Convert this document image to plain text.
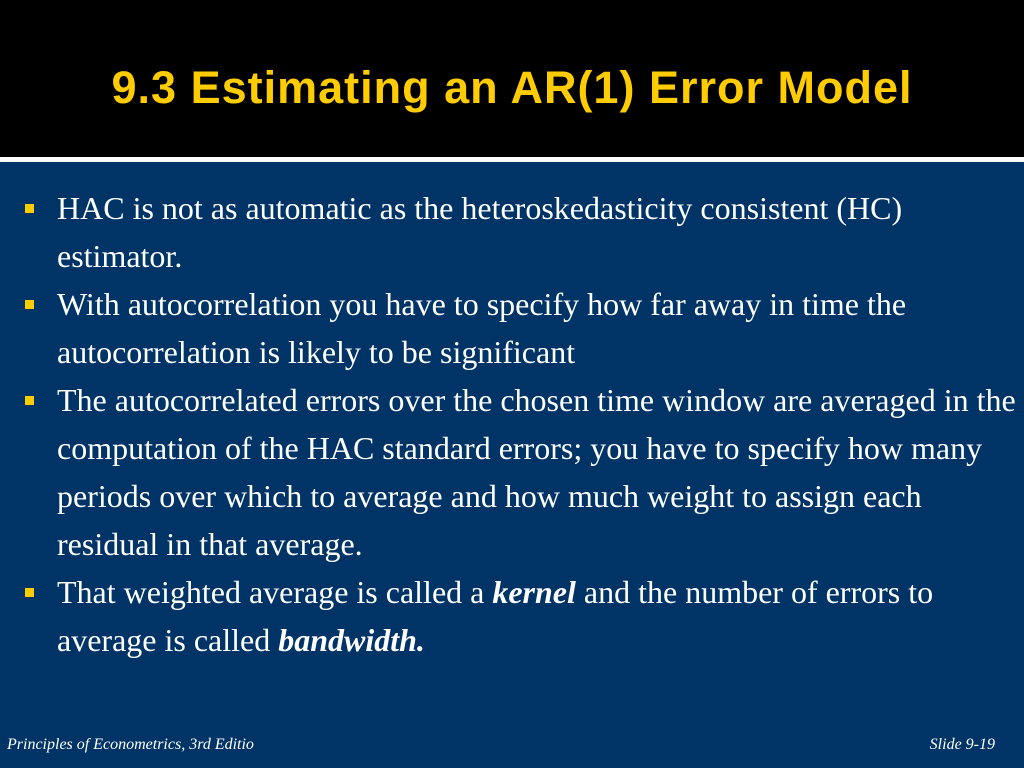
9.3 Estimating an AR(1) Error Model
HAC is not as automatic as the heteroskedasticity consistent (HC) estimator.
With autocorrelation you have to specify how far away in time the autocorrelation is likely to be significant
The autocorrelated errors over the chosen time window are averaged in the computation of the HAC standard errors; you have to specify how many periods over which to average and how much weight to assign each residual in that average.
That weighted average is called a kernel and the number of errors to average is called bandwidth.
Principles of Econometrics, 3rd Editio	Slide 9-19
